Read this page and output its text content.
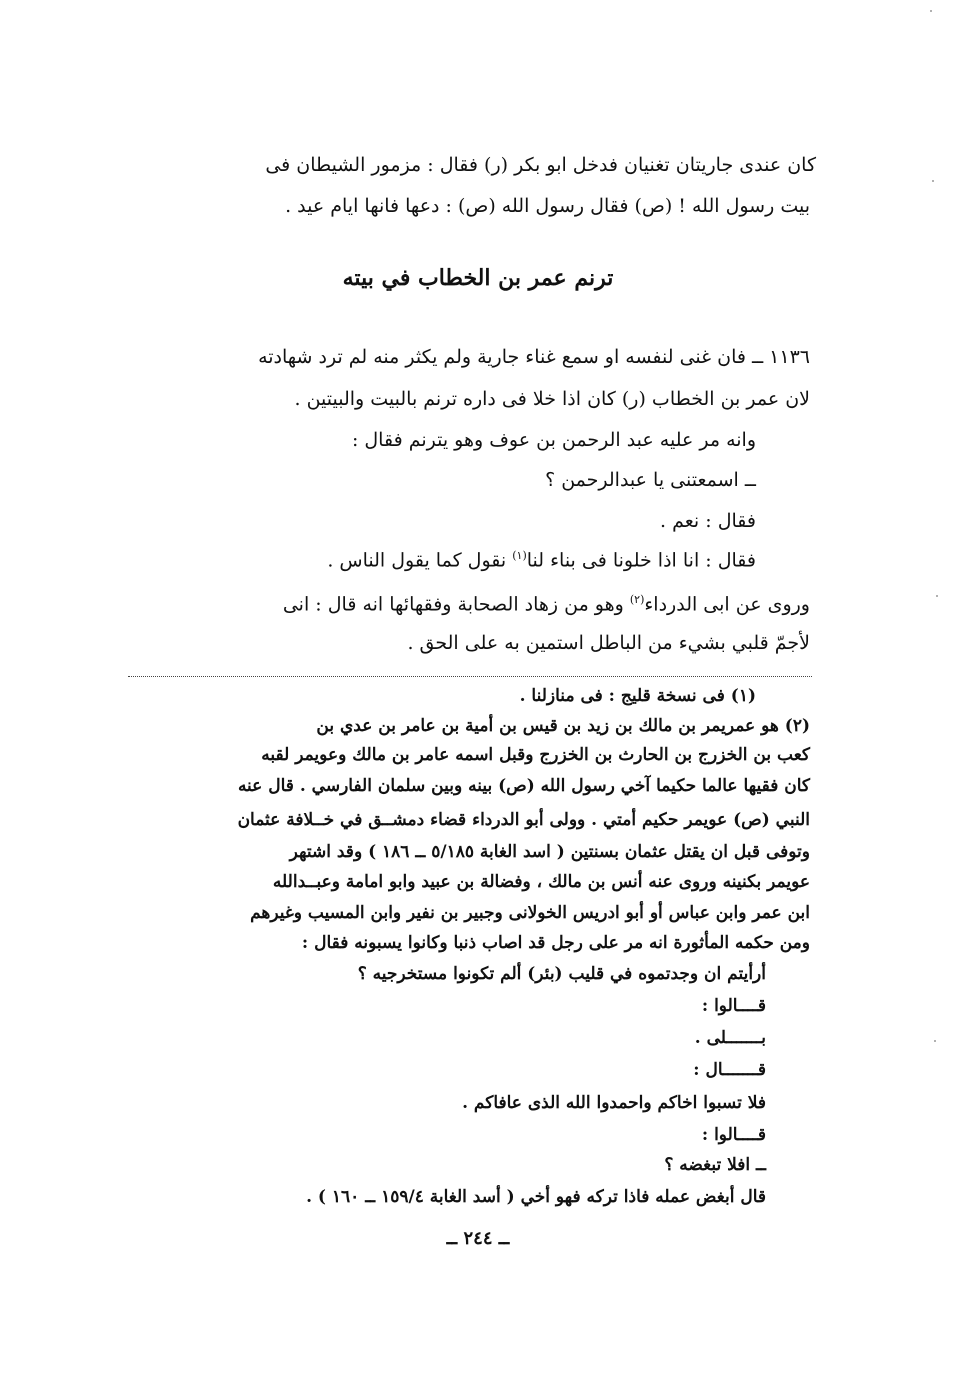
كان عندى جاريتان تغنيان فدخل ابو بكر (ر) فقال : مزمور الشيطان فى
بيت رسول الله ! (ص) فقال رسول الله (ص) : دعها فانها ايام عيد .
ترنم عمر بن الخطاب في بيته
١١٣٦ ــ فان غنى لنفسه او سمع غناء جارية ولم يكثر منه لم ترد شهادته
لان عمر بن الخطاب (ر) كان اذا خلا فى داره ترنم بالبيت والبيتين .
وانه مر عليه عبد الرحمن بن عوف وهو يترنم فقال :
ــ اسمعتنى يا عبدالرحمن ؟
فقال : نعم .
فقال : انا اذا خلونا فى بناء لنا$^{(١)}$ نقول كما يقول الناس .
وروى عن ابى الدرداء$^{(٢)}$ وهو من زهاد الصحابة وفقهائها انه قال : انى
لأجمّ قلبي بشيء من الباطل استمين به على الحق .
(١) فى نسخة قليج : فى منازلنا .
(٢) هو عمريمر بن مالك بن زيد بن قيس بن أمية بن عامر بن عدي بن
كعب بن الخزرج بن الحارث بن الخزرج وقبل اسمه عامر بن مالك وعويمر لقبه
كان فقيها عالما حكيما آخي رسول الله (ص) بينه وبين سلمان الفارسي . قال عنه
النبي (ص) عويمر حكيم أمتي . وولى أبو الدرداء قضاء دمشــق في خــلافة عثمان
وتوفى قبل ان يقتل عثمان بسنتين ( اسد الغابة ٥/١٨٥ ــ ١٨٦ ) وقد اشتهر
عويمر بكنينه وروى عنه أنس بن مالك ، وفضالة بن عبيد وابو امامة وعبــدالله
ابن عمر وابن عباس أو أبو ادريس الخولانى وجبير بن نفير وابن المسيب وغيرهم
ومن حكمه المأثورة انه مر على رجل قد اصاب ذنبا وكانوا يسبونه فقال :
أرأيتم ان وجدتموه في قليب (بئر) ألم تكونوا مستخرجيه ؟
قــــالوا :
بـــــــلى .
قـــــــال :
فلا تسبوا اخاكم واحمدوا الله الذى عافاكم .
قــــالوا :
ــ افلا تبغضه ؟
قال أبغض عمله فاذا تركه فهو أخي ( أسد الغابة ١٥٩/٤ ــ ١٦٠ ) .
ــ ٢٤٤ ــ
